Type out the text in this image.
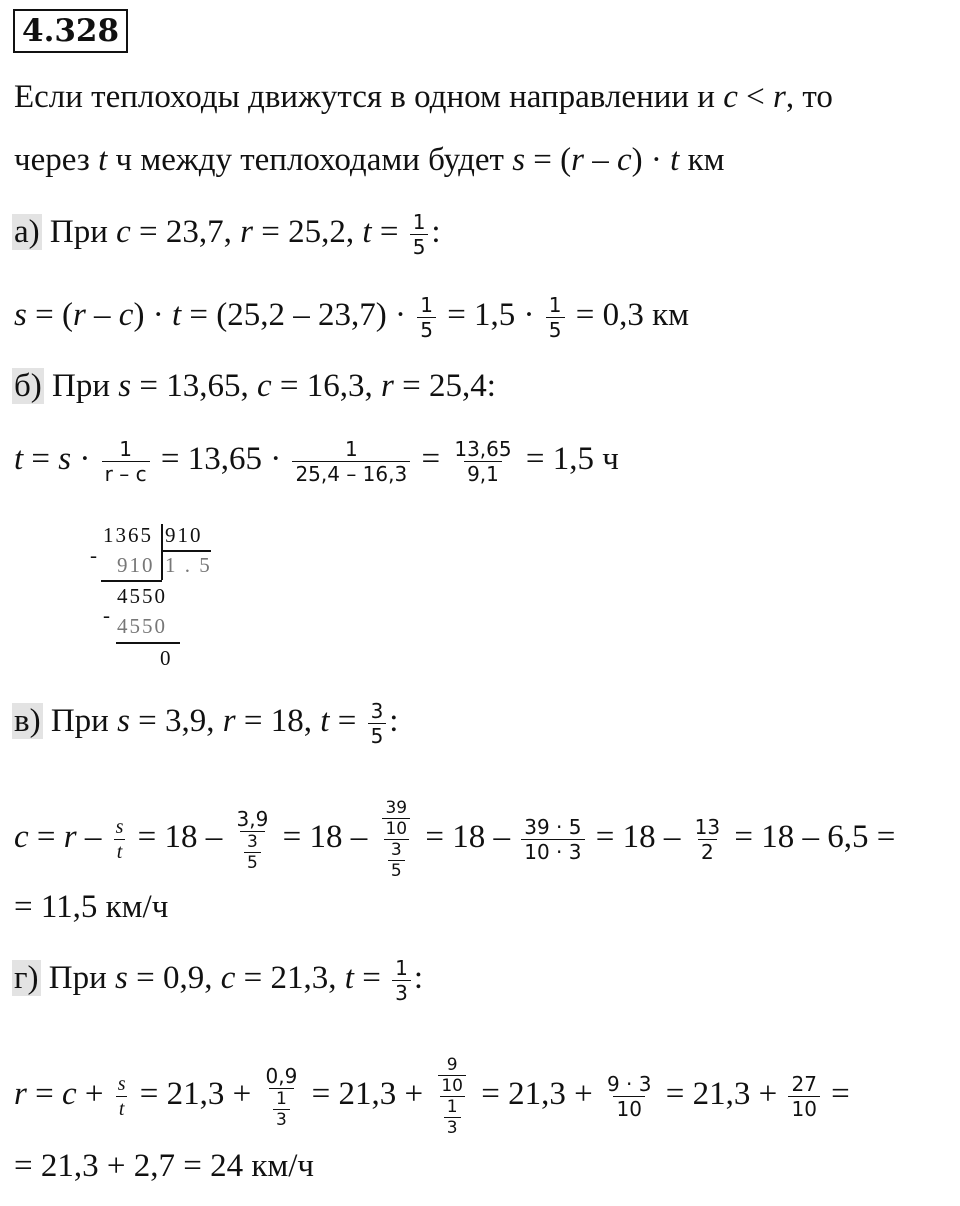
4.328
Если теплоходы движутся в одном направлении и c < r, то
через t ч между теплоходами будет s = (r – c) · t км
а) При c = 23,7, r = 25,2, $t = \frac{1}{5}$ :
$s = (r - c) \cdot t = (25,2 - 23,7) \cdot \frac{1}{5} = 1,5 \cdot \frac{1}{5} = 0,3$ км
б) При s = 13,65, c = 16,3, r = 25,4:
$t = s \cdot \frac{1}{r - c} = 13,65 \cdot \frac{1}{25,4 - 16,3} = \frac{13,65}{9,1} = 1,5$ ч
1365 910
- 910 1 . 5
4550
- 4550
0
в) При s = 3,9, r = 18, $t = \frac{3}{5}$ :
$c = r - \frac{s}{t} = 18 - \frac{3,9}{\frac{3}{5}} = 18 - \frac{\frac{39}{10}}{\frac{3}{5}} = 18 - \frac{39 \cdot 5}{10 \cdot 3} = 18 - \frac{13}{2} = 18 - 6,5$ =
= 11,5 км/ч
г) При s = 0,9, c = 21,3, $t = \frac{1}{3}$ :
$r = c + \frac{s}{t} = 21,3 + \frac{0,9}{\frac{1}{3}} = 21,3 + \frac{\frac{9}{10}}{\frac{1}{3}} = 21,3 + \frac{9 \cdot 3}{10} = 21,3 + \frac{27}{10}$ =
= 21,3 + 2,7 = 24 км/ч
